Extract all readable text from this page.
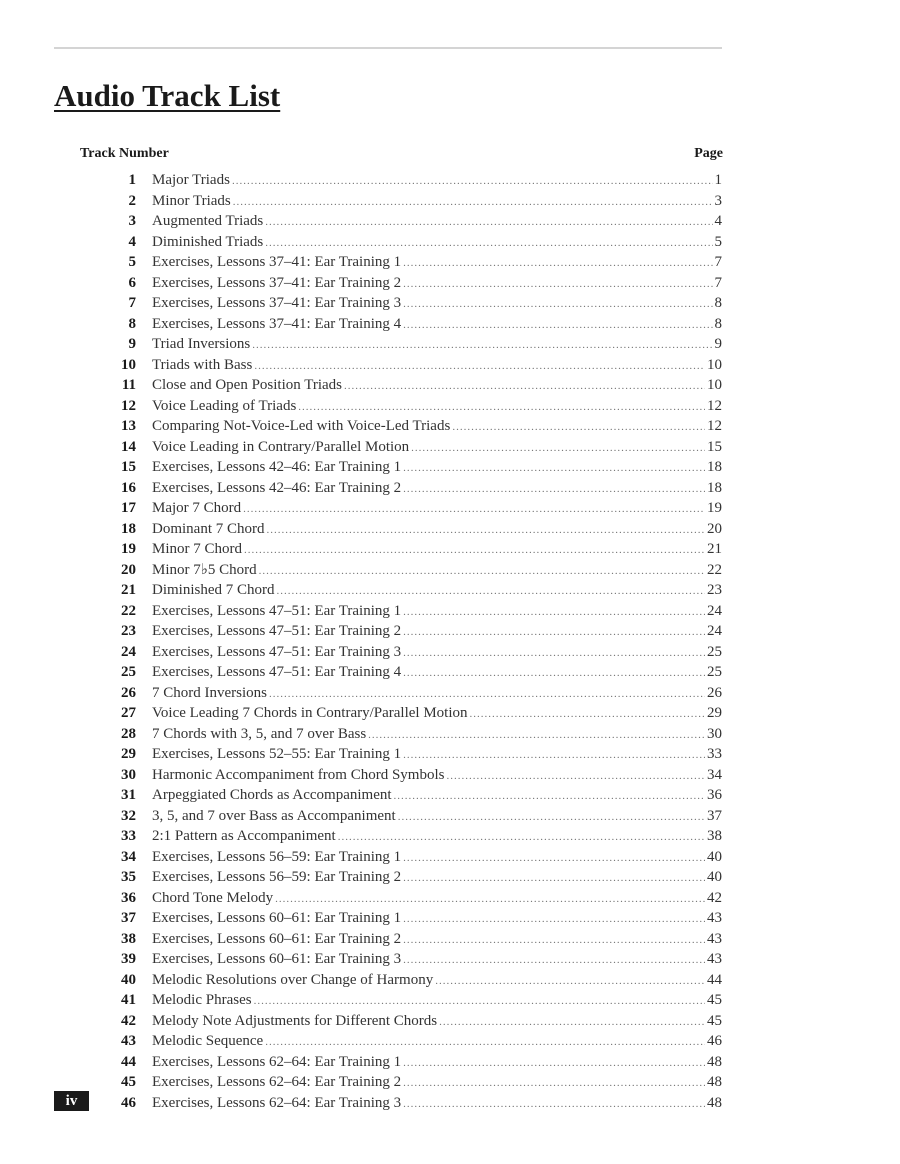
Audio Track List
Track Number	Page
1 Major Triads .....	1
2 Minor Triads .....	3
3 Augmented Triads .....	4
4 Diminished Triads .....	5
5 Exercises, Lessons 37–41: Ear Training 1 .....	7
6 Exercises, Lessons 37–41: Ear Training 2 .....	7
7 Exercises, Lessons 37–41: Ear Training 3 .....	8
8 Exercises, Lessons 37–41: Ear Training 4 .....	8
9 Triad Inversions .....	9
10 Triads with Bass .....	10
11 Close and Open Position Triads .....	10
12 Voice Leading of Triads .....	12
13 Comparing Not-Voice-Led with Voice-Led Triads .....	12
14 Voice Leading in Contrary/Parallel Motion .....	15
15 Exercises, Lessons 42–46: Ear Training 1 .....	18
16 Exercises, Lessons 42–46: Ear Training 2 .....	18
17 Major 7 Chord .....	19
18 Dominant 7 Chord .....	20
19 Minor 7 Chord .....	21
20 Minor 7♭5 Chord .....	22
21 Diminished 7 Chord .....	23
22 Exercises, Lessons 47–51: Ear Training 1 .....	24
23 Exercises, Lessons 47–51: Ear Training 2 .....	24
24 Exercises, Lessons 47–51: Ear Training 3 .....	25
25 Exercises, Lessons 47–51: Ear Training 4 .....	25
26 7 Chord Inversions .....	26
27 Voice Leading 7 Chords in Contrary/Parallel Motion .....	29
28 7 Chords with 3, 5, and 7 over Bass .....	30
29 Exercises, Lessons 52–55: Ear Training 1 .....	33
30 Harmonic Accompaniment from Chord Symbols .....	34
31 Arpeggiated Chords as Accompaniment .....	36
32 3, 5, and 7 over Bass as Accompaniment .....	37
33 2:1 Pattern as Accompaniment .....	38
34 Exercises, Lessons 56–59: Ear Training 1 .....	40
35 Exercises, Lessons 56–59: Ear Training 2 .....	40
36 Chord Tone Melody .....	42
37 Exercises, Lessons 60–61: Ear Training 1 .....	43
38 Exercises, Lessons 60–61: Ear Training 2 .....	43
39 Exercises, Lessons 60–61: Ear Training 3 .....	43
40 Melodic Resolutions over Change of Harmony .....	44
41 Melodic Phrases .....	45
42 Melody Note Adjustments for Different Chords .....	45
43 Melodic Sequence .....	46
44 Exercises, Lessons 62–64: Ear Training 1 .....	48
45 Exercises, Lessons 62–64: Ear Training 2 .....	48
46 Exercises, Lessons 62–64: Ear Training 3 .....	48
iv
